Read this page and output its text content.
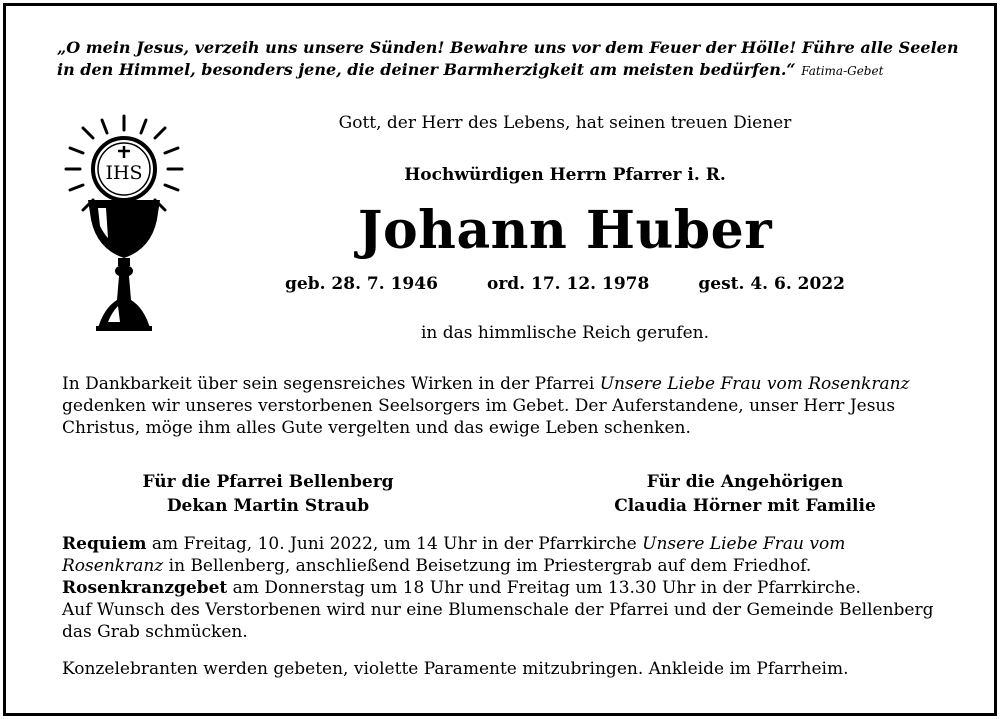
„O mein Jesus, verzeih uns unsere Sünden! Bewahre uns vor dem Feuer der Hölle! Führe alle Seelen
in den Himmel, besonders jene, die deiner Barmherzigkeit am meisten bedürfen.“ Fatima-Gebet
IHS
Gott, der Herr des Lebens, hat seinen treuen Diener
Hochwürdigen Herrn Pfarrer i. R.
Johann Huber
geb. 28. 7. 1946	ord. 17. 12. 1978	gest. 4. 6. 2022
in das himmlische Reich gerufen.
In Dankbarkeit über sein segensreiches Wirken in der Pfarrei Unsere Liebe Frau vom Rosenkranz gedenken wir unseres verstorbenen Seelsorgers im Gebet. Der Auferstandene, unser Herr Jesus Christus, möge ihm alles Gute vergelten und das ewige Leben schenken.
Für die Pfarrei Bellenberg
Dekan Martin Straub
Für die Angehörigen
Claudia Hörner mit Familie
Requiem am Freitag, 10. Juni 2022, um 14 Uhr in der Pfarrkirche Unsere Liebe Frau vom Rosenkranz in Bellenberg, anschließend Beisetzung im Priestergrab auf dem Friedhof.
Rosenkranzgebet am Donnerstag um 18 Uhr und Freitag um 13.30 Uhr in der Pfarrkirche.
Auf Wunsch des Verstorbenen wird nur eine Blumenschale der Pfarrei und der Gemeinde Bellenberg das Grab schmücken.
Konzelebranten werden gebeten, violette Paramente mitzubringen. Ankleide im Pfarrheim.
